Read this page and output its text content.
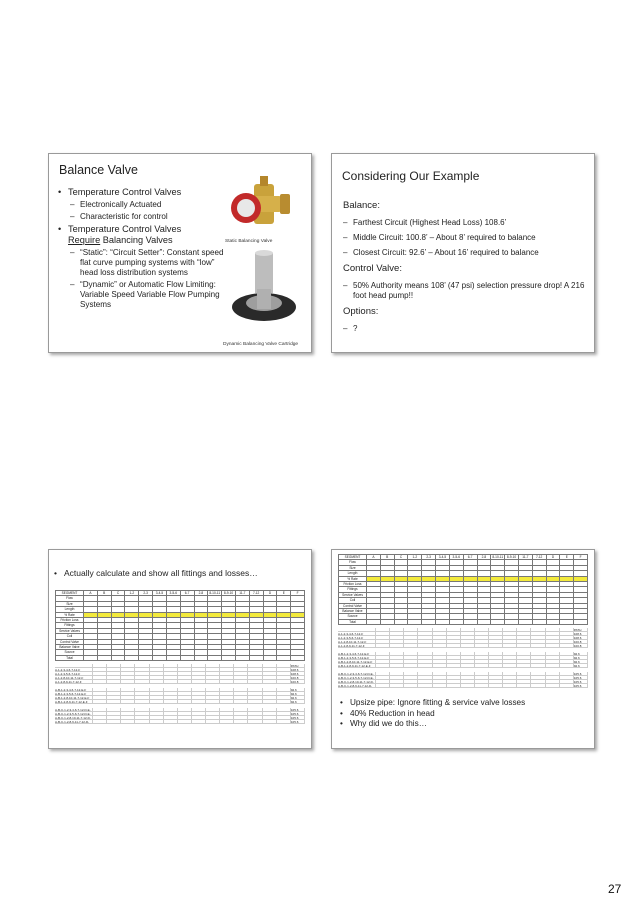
Balance Valve
• Temperature Control Valves
– Electronically Actuated
– Characteristic for control
• Temperature Control Valves
Require Balancing Valves
– “Static”: “Circuit Setter”: Constant speed flat curve pumping systems with “low” head loss distribution systems
– “Dynamic” or Automatic Flow Limiting: Variable Speed Variable Flow Pumping Systems
Static Balancing Valve
Dynamic Balancing Valve Cartridge
Considering Our Example
Balance:
– Farthest Circuit (Highest Head Loss) 108.6’
– Middle Circuit: 100.8’ – About 8’ required to balance
– Closest Circuit: 92.6’ – About 16’ required to balance
Control Valve:
– 50% Authority means 108’ (47 psi) selection pressure drop! A 216 foot head pump!!
Options:
– ?
• Actually calculate and show all fittings and losses…
SEGMENT	A	B	C	1-2	2-3	3-4-5	3-5-6	6-7	2-8	8-10-11	8-9-10	11-7	7-12	D	E	F
Flow
Size
Length
% Rate
Friction Loss
Fittings
Service Valves
Coil
Control Valve
Balance Valve
Source
Total
PATH
A-1-2-3-4-6-7-12-F	108.6
A-1-2-3-5-6-7-12-F	108.6
A-1-2-8-10-11-7-12-F	100.8
A-1-2-8-9-11-7-12-F	100.8
A-B-1-2-3-4-6-7-12-E-F	92.6
A-B-1-2-3-5-6-7-12-E-F	92.6
A-B-1-2-8-10-11-7-12-E-F	92.6
A-B-1-2-8-9-11-7-12-E-F	92.6
A-B-C-1-2-3-4-6-7-12-D-E-	105.6
A-B-C-1-2-3-5-6-7-12-D-E-	105.6
A-B-C-1-2-8-10-11-7-12-D-	105.6
A-B-C-1-2-8-9-11-7-12-D-	105.6
SEGMENT	A	B	C	1-2	2-3	3-4-5	3-5-6	6-7	2-8	8-10-11	8-9-10	11-7	7-12	D	E	F
Flow
Size
Length
% Rate
Friction Loss
Fittings
Service Valves
Coil
Control Valve
Balance Valve
Source
Total
PATH
A-1-2-3-4-6-7-12-F	108.6
A-1-2-3-5-6-7-12-F	108.6
A-1-2-8-10-11-7-12-F	100.8
A-1-2-8-9-11-7-12-F	100.8
A-B-1-2-3-4-6-7-12-E-F	92.6
A-B-1-2-3-5-6-7-12-E-F	92.6
A-B-1-2-8-10-11-7-12-E-F	92.6
A-B-1-2-8-9-11-7-12-E-F	92.6
A-B-C-1-2-3-4-6-7-12-D-E-	105.6
A-B-C-1-2-3-5-6-7-12-D-E-	105.6
A-B-C-1-2-8-10-11-7-12-D-	105.6
A-B-C-1-2-8-9-11-7-12-D-	105.6
• Upsize pipe: Ignore fitting & service valve losses
• 40% Reduction in head
• Why did we do this…
27
